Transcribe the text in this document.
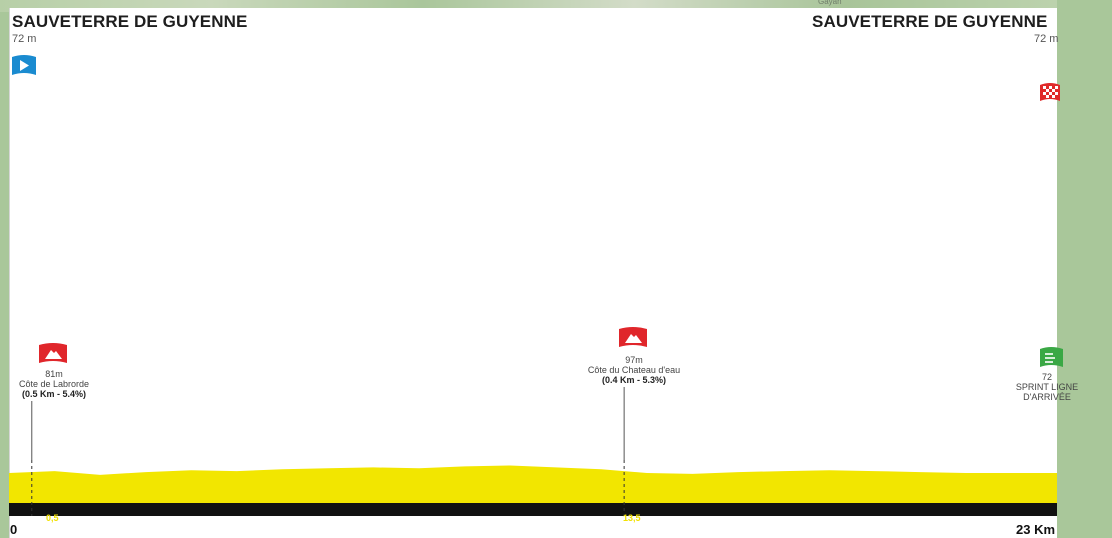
Gayan
SAUVETERRE DE GUYENNE
72 m
SAUVETERRE DE GUYENNE
72 m
81m
Côte de Labrorde
(0.5 Km - 5.4%)
97m
Côte du Chateau d'eau
(0.4 Km - 5.3%)	72
SPRINT LIGNE
D'ARRIVÉE
0,5	13,5
0	23 Km
